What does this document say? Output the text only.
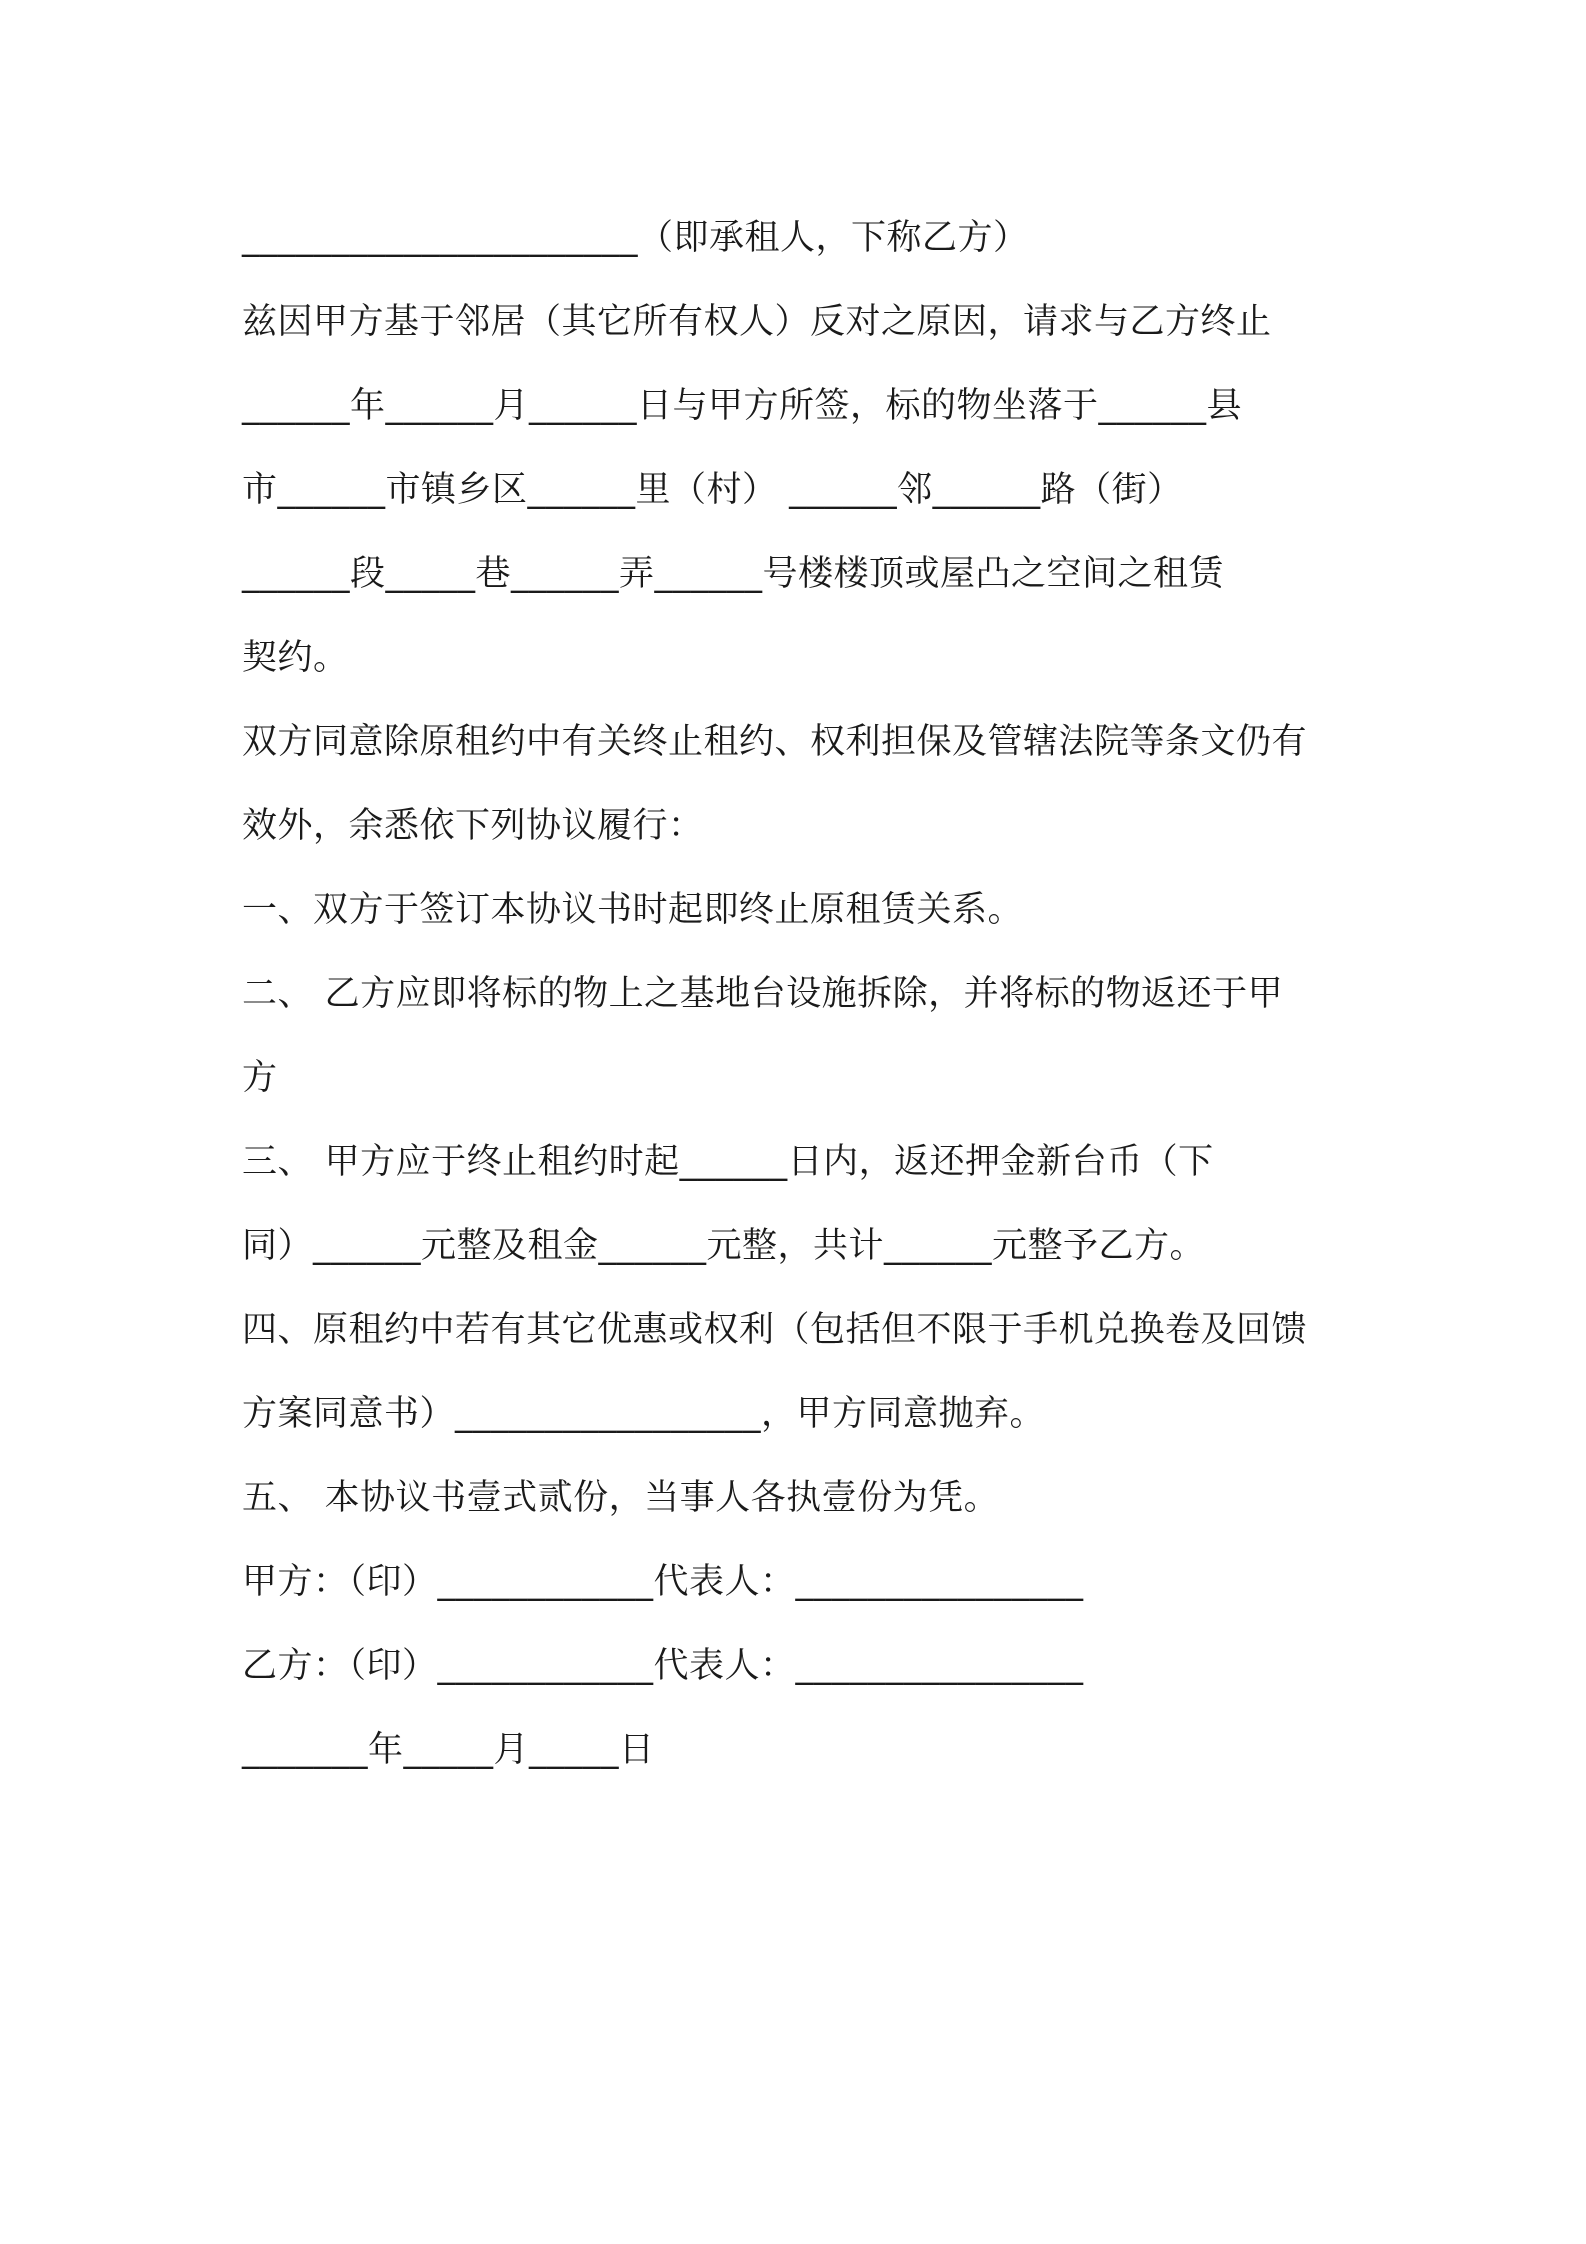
______________________（即承租人，下称乙方）
兹因甲方基于邻居（其它所有权人）反对之原因，请求与乙方终止
______年______月______日与甲方所签，标的物坐落于______县
市______市镇乡区______里（村） ______邻______路（街）
______段_____巷______弄______号楼楼顶或屋凸之空间之租赁
契约。
双方同意除原租约中有关终止租约、权利担保及管辖法院等条文仍有
效外，余悉依下列协议履行：
一、双方于签订本协议书时起即终止原租赁关系。
二、 乙方应即将标的物上之基地台设施拆除，并将标的物返还于甲
方
三、 甲方应于终止租约时起______日内，返还押金新台币（下
同）______元整及租金______元整，共计______元整予乙方。
四、原租约中若有其它优惠或权利（包括但不限于手机兑换卷及回馈
方案同意书）_________________，甲方同意抛弃。
五、 本协议书壹式贰份，当事人各执壹份为凭。
甲方：（印）____________代表人：________________
乙方：（印）____________代表人：________________
_______年_____月_____日
